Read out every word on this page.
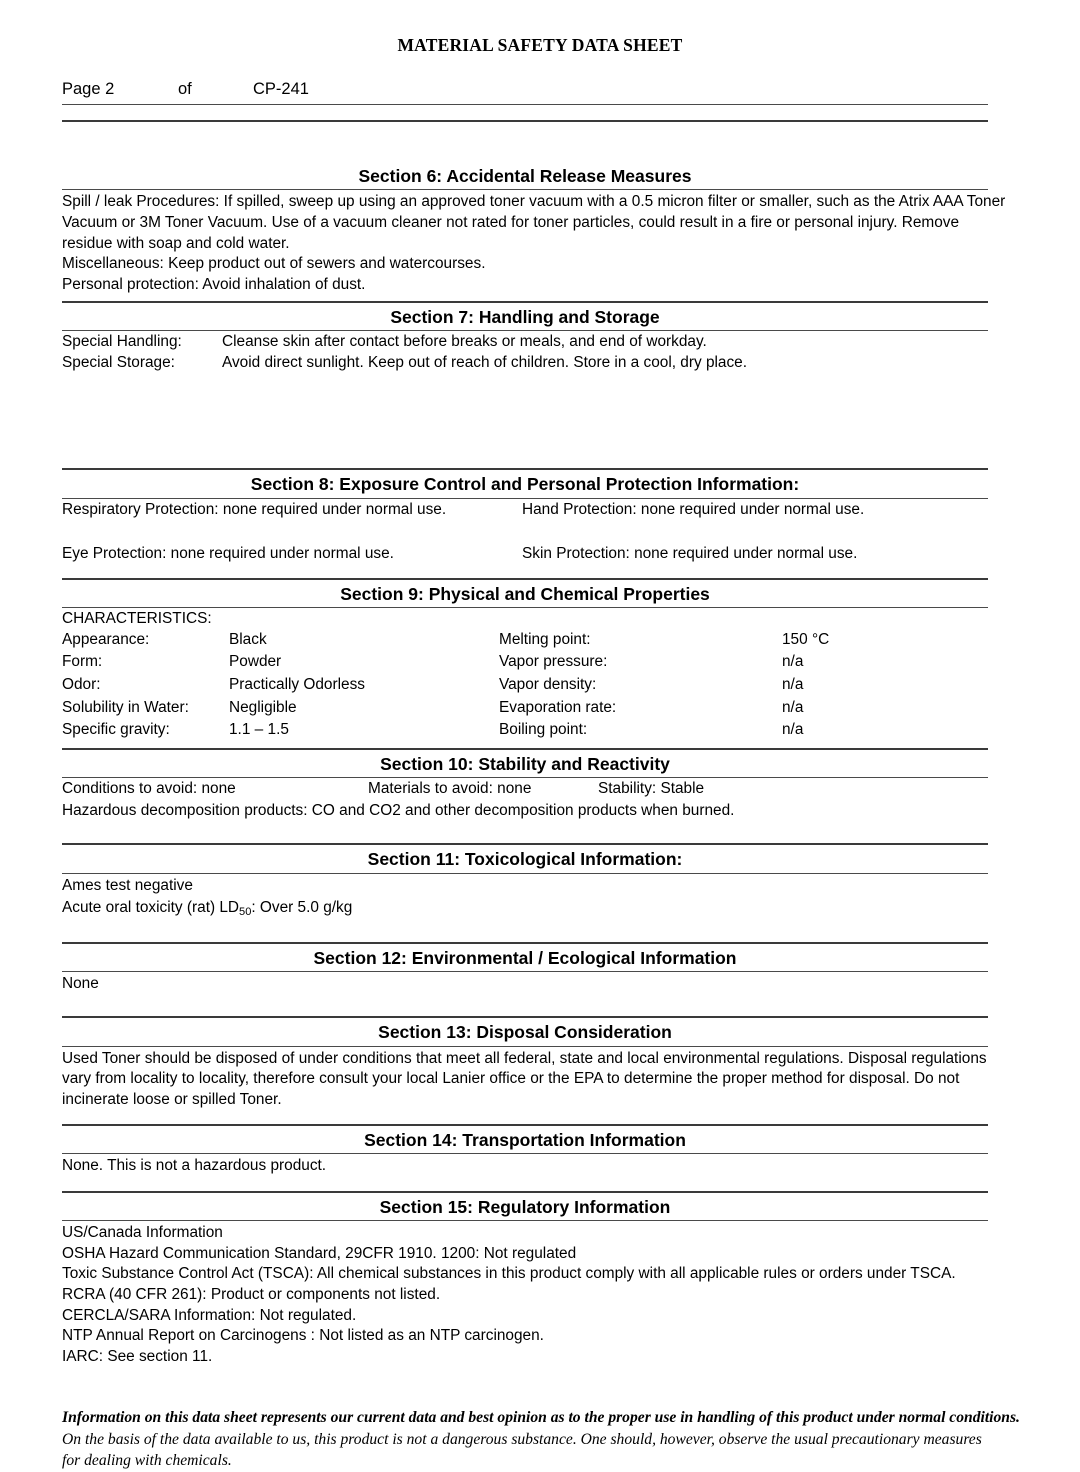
MATERIAL SAFETY DATA SHEET
Page 2	of	CP-241
Section 6: Accidental Release Measures

Spill / leak Procedures: If spilled, sweep up using an approved toner vacuum with a 0.5 micron filter or smaller, such as the Atrix AAA Toner Vacuum or 3M Toner Vacuum. Use of a vacuum cleaner not rated for toner particles, could result in a fire or personal injury. Remove residue with soap and cold water.

Miscellaneous: Keep product out of sewers and watercourses.

Personal protection: Avoid inhalation of dust.

Section 7: Handling and Storage
Special Handling:	Cleanse skin after contact before breaks or meals, and end of workday.
Special Storage:	Avoid direct sunlight. Keep out of reach of children. Store in a cool, dry place.
Section 8: Exposure Control and Personal Protection Information:
Respiratory Protection: none required under normal use.	Hand Protection: none required under normal use.
Eye Protection: none required under normal use.	Skin Protection: none required under normal use.
Section 9: Physical and Chemical Properties
CHARACTERISTICS:
Appearance:	Black	Melting point:	150 °C
Form:	Powder	Vapor pressure:	n/a
Odor:	Practically Odorless	Vapor density:	n/a
Solubility in Water:	Negligible	Evaporation rate:	n/a
Specific gravity:	1.1 – 1.5	Boiling point:	n/a
Section 10: Stability and Reactivity
Conditions to avoid: none	Materials to avoid: none	Stability: Stable
Hazardous decomposition products: CO and CO2 and other decomposition products when burned.
Section 11: Toxicological Information:
Ames test negative
Acute oral toxicity (rat) $LD_{50}$: Over 5.0 g/kg
Section 12: Environmental / Ecological Information
None
Section 13: Disposal Consideration
Used Toner should be disposed of under conditions that meet all federal, state and local environmental regulations. Disposal regulations vary from locality to locality, therefore consult your local Lanier office or the EPA to determine the proper method for disposal. Do not incinerate loose or spilled Toner.
Section 14: Transportation Information
None. This is not a hazardous product.
Section 15: Regulatory Information

US/Canada Information

OSHA Hazard Communication Standard, 29CFR 1910. 1200: Not regulated

Toxic Substance Control Act (TSCA): All chemical substances in this product comply with all applicable rules or orders under TSCA.

RCRA (40 CFR 261): Product or components not listed.

CERCLA/SARA Information: Not regulated.

NTP Annual Report on Carcinogens : Not listed as an NTP carcinogen.

IARC: See section 11.

Information on this data sheet represents our current data and best opinion as to the proper use in handling of this product under normal conditions.

On the basis of the data available to us, this product is not a dangerous substance. One should, however, observe the usual precautionary measures

for dealing with chemicals.
